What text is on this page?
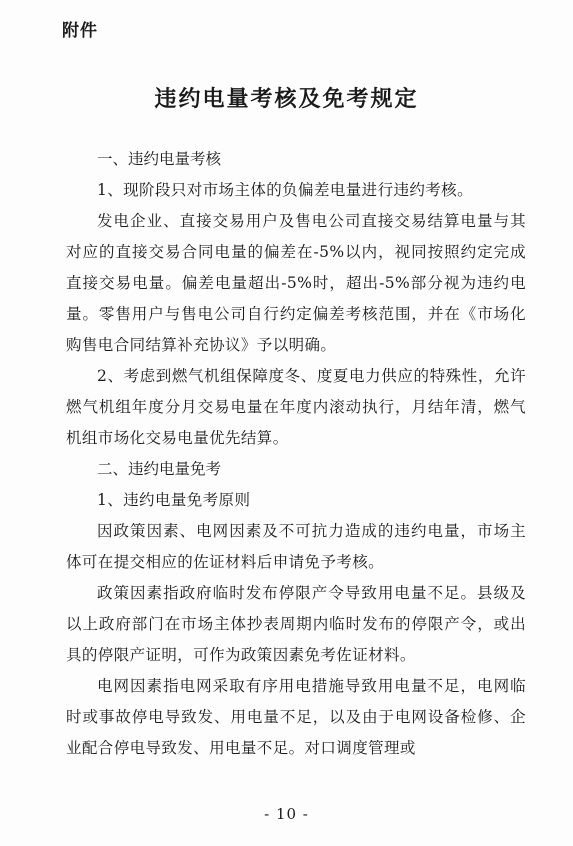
附件
违约电量考核及免考规定

一、违约电量考核

1、现阶段只对市场主体的负偏差电量进行违约考核。

发电企业、直接交易用户及售电公司直接交易结算电量与其对应的直接交易合同电量的偏差在-5%以内，视同按照约定完成直接交易电量。偏差电量超出-5%时，超出-5%部分视为违约电量。零售用户与售电公司自行约定偏差考核范围，并在《市场化购售电合同结算补充协议》予以明确。

2、考虑到燃气机组保障度冬、度夏电力供应的特殊性，允许燃气机组年度分月交易电量在年度内滚动执行，月结年清，燃气机组市场化交易电量优先结算。

二、违约电量免考

1、违约电量免考原则

因政策因素、电网因素及不可抗力造成的违约电量，市场主体可在提交相应的佐证材料后申请免予考核。

政策因素指政府临时发布停限产令导致用电量不足。县级及以上政府部门在市场主体抄表周期内临时发布的停限产令，或出具的停限产证明，可作为政策因素免考佐证材料。

电网因素指电网采取有序用电措施导致用电量不足，电网临时或事故停电导致发、用电量不足，以及由于电网设备检修、企业配合停电导致发、用电量不足。对口调度管理或

- 10 -
